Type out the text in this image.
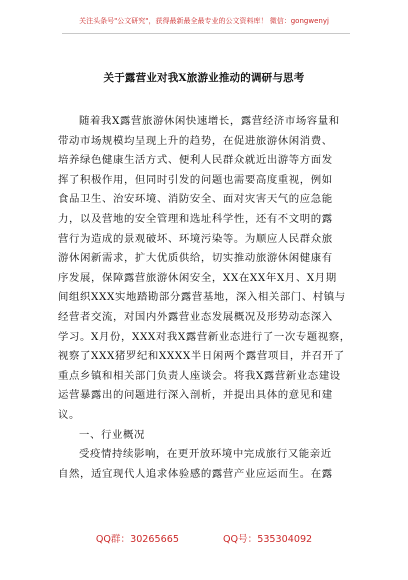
关注头条号"公文研究"，获得最新最全最专业的公文资料库！ 微信：gongwenyj
关于露营业对我X旅游业推动的调研与思考
随着我X露营旅游休闲快速增长，露营经济市场容量和
带动市场规模均呈现上升的趋势，在促进旅游休闲消费、
培养绿色健康生活方式、便利人民群众就近出游等方面发
挥了积极作用，但同时引发的问题也需要高度重视，例如
食品卫生、治安环境、消防安全、面对灾害天气的应急能
力，以及营地的安全管理和选址科学性，还有不文明的露
营行为造成的景观破坏、环境污染等。为顺应人民群众旅
游休闲新需求，扩大优质供给，切实推动旅游休闲健康有
序发展，保障露营旅游休闲安全，XX在XX年X月、X月期
间组织XXX实地踏勘部分露营基地，深入相关部门、村镇与
经营者交流，对国内外露营业态发展概况及形势动态深入
学习。X月份，XXX对我X露营新业态进行了一次专题视察，
视察了XXX猪罗纪和XXXX半日闲两个露营项目，并召开了
重点乡镇和相关部门负责人座谈会。将我X露营新业态建设
运营暴露出的问题进行深入剖析，并提出具体的意见和建
议。
一、行业概况
受疫情持续影响，在更开放环境中完成旅行又能亲近
自然，适宜现代人追求体验感的露营产业应运而生。在露
QQ群：30265665	QQ号：535304092
